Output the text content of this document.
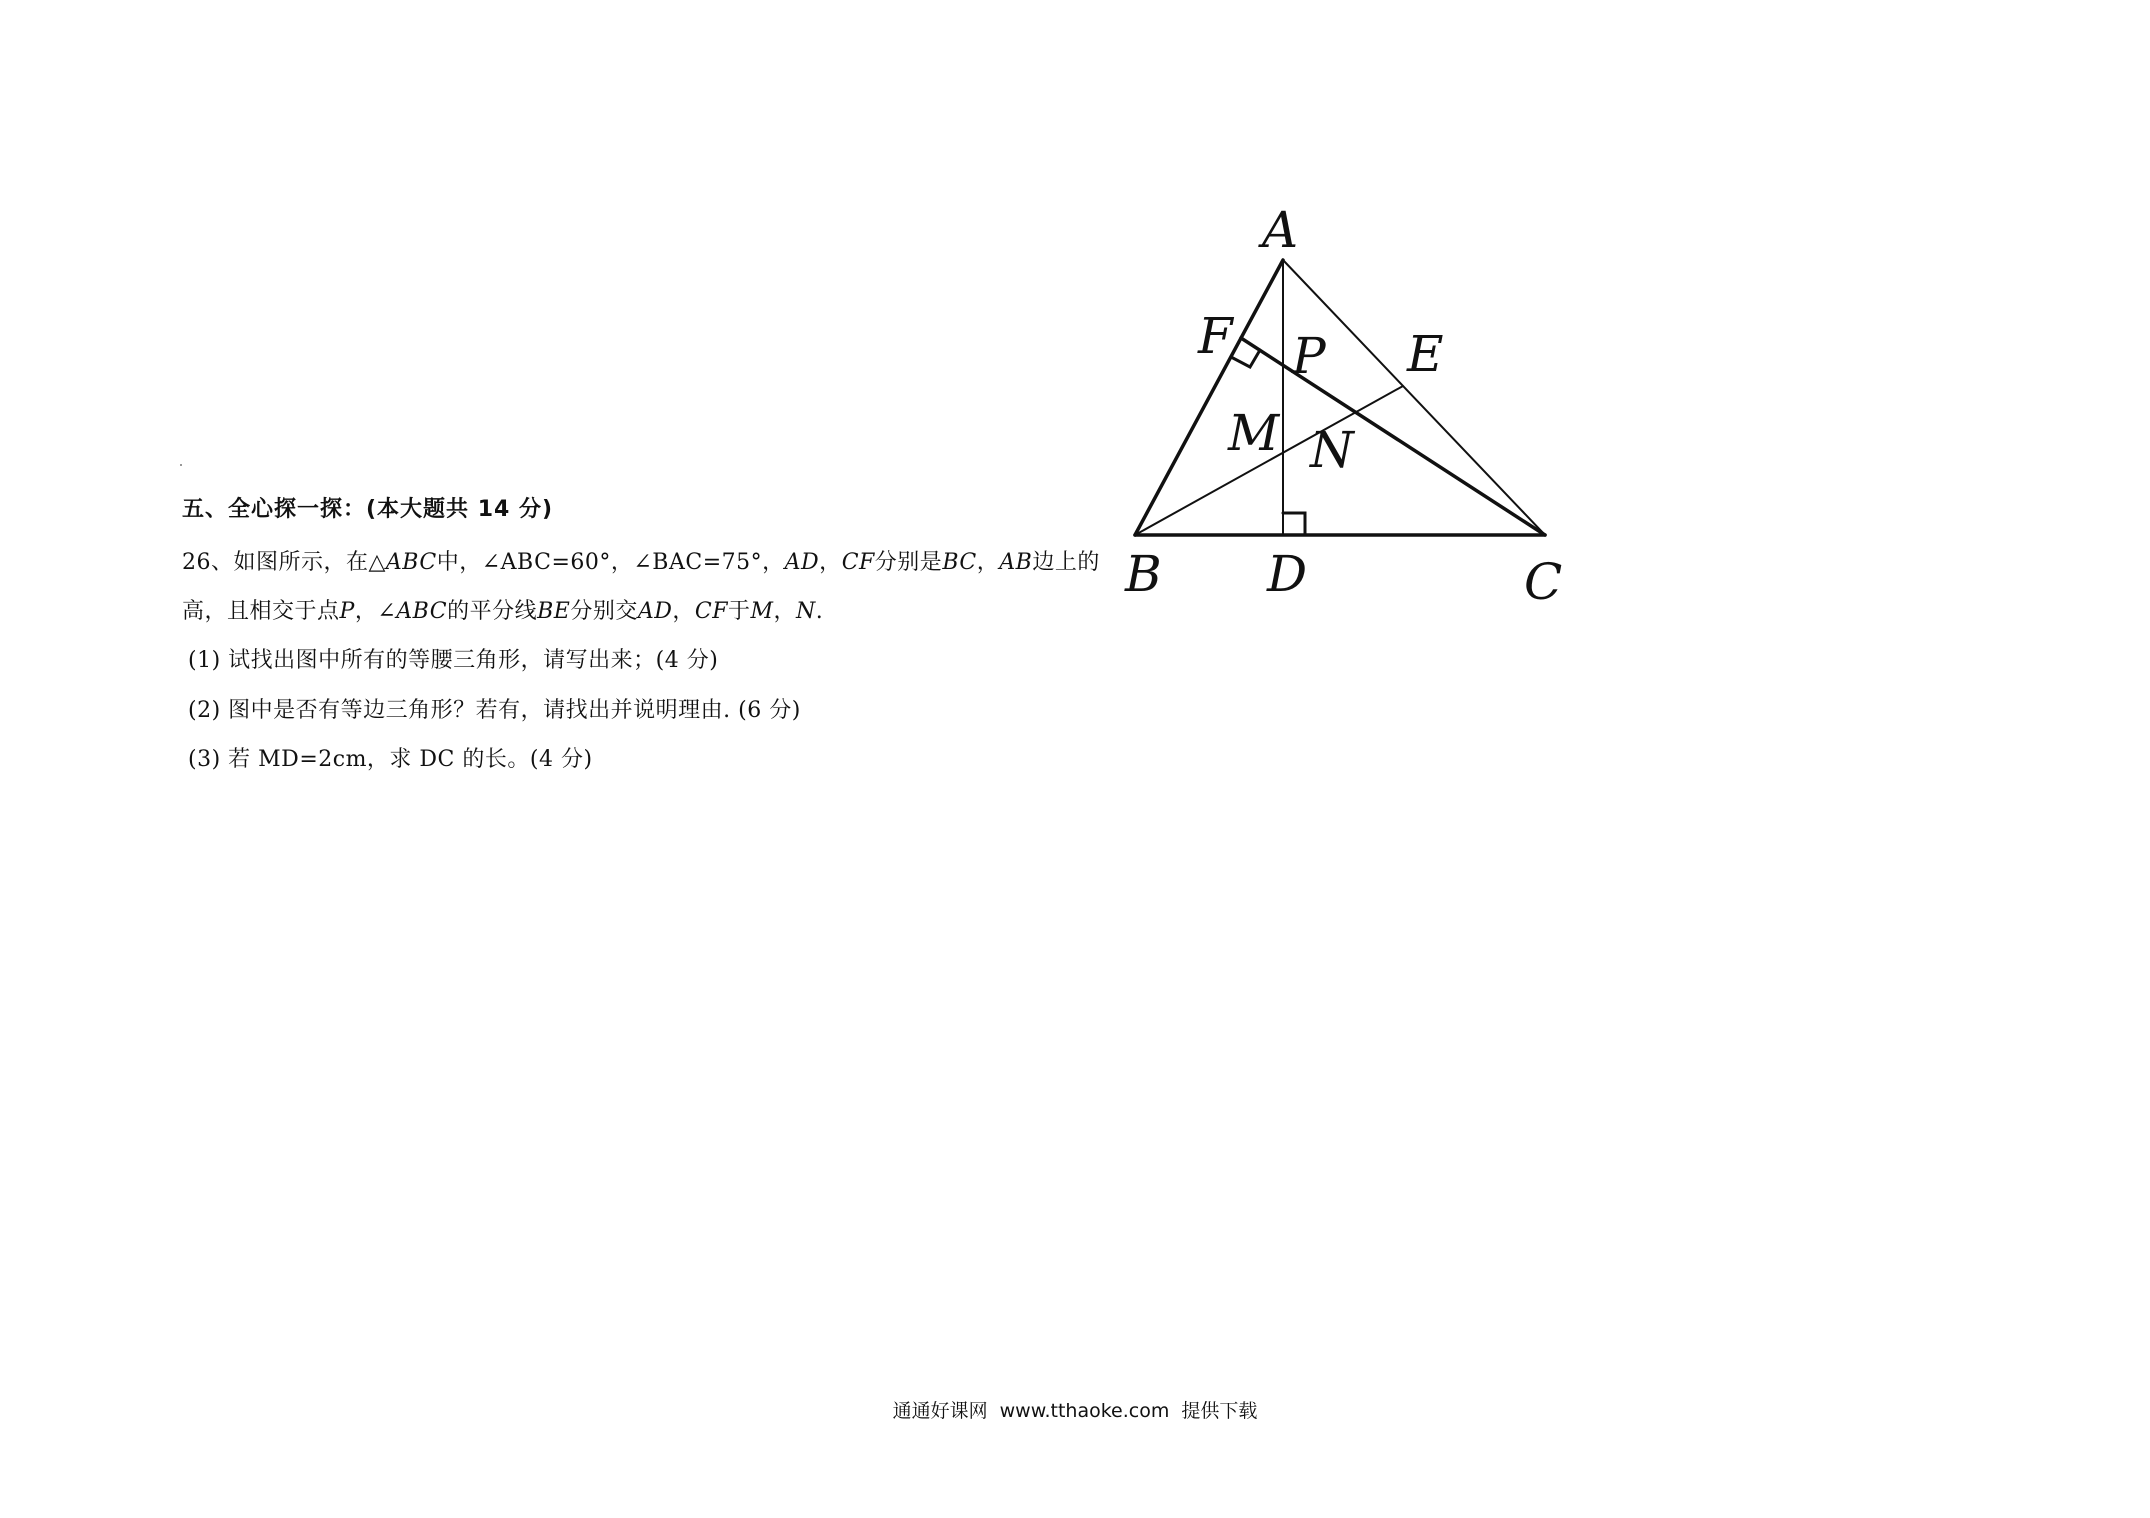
五、全心探一探：(本大题共 14 分)
26、如图所示，在△ABC中，∠ABC=60°，∠BAC=75°，AD，CF分别是BC，AB边上的
高，且相交于点P，∠ABC的平分线BE分别交AD，CF于M，N.
(1) 试找出图中所有的等腰三角形，请写出来；(4 分)
(2) 图中是否有等边三角形？若有，请找出并说明理由. (6 分)
(3) 若 MD=2cm，求 DC 的长。(4 分)
A
B	C
D
E
F P
M N
通通好课网 www.tthaoke.com 提供下载
